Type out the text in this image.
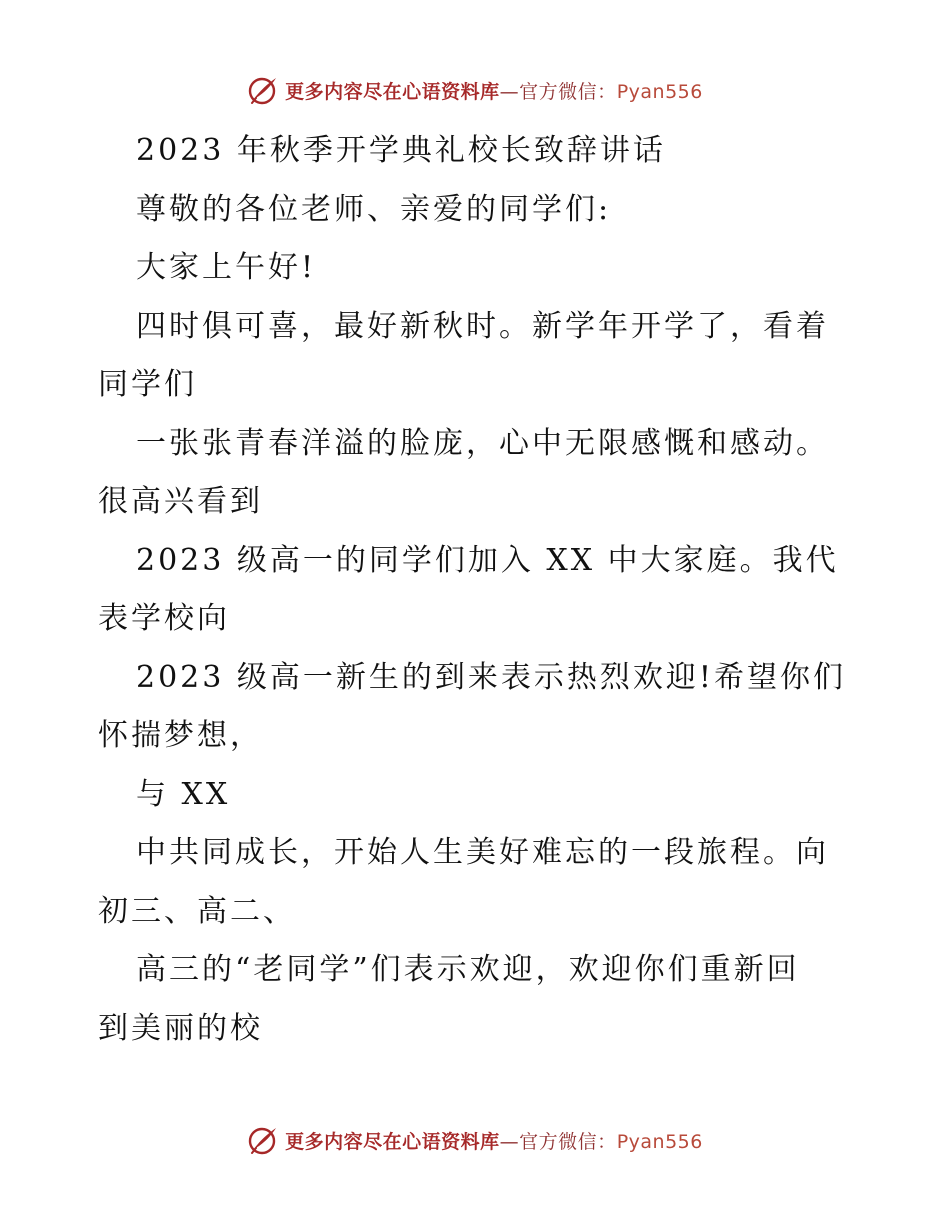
更多内容尽在心语资料库—官方微信：Pyan556
2023 年秋季开学典礼校长致辞讲话
尊敬的各位老师、亲爱的同学们:
大家上午好!
四时俱可喜，最好新秋时。新学年开学了，看着
同学们
一张张青春洋溢的脸庞，心中无限感慨和感动。
很高兴看到
2023 级高一的同学们加入 XX 中大家庭。我代
表学校向
2023 级高一新生的到来表示热烈欢迎!希望你们
怀揣梦想，
与 XX
中共同成长，开始人生美好难忘的一段旅程。向
初三、高二、
高三的“老同学”们表示欢迎，欢迎你们重新回
到美丽的校
更多内容尽在心语资料库—官方微信：Pyan556
